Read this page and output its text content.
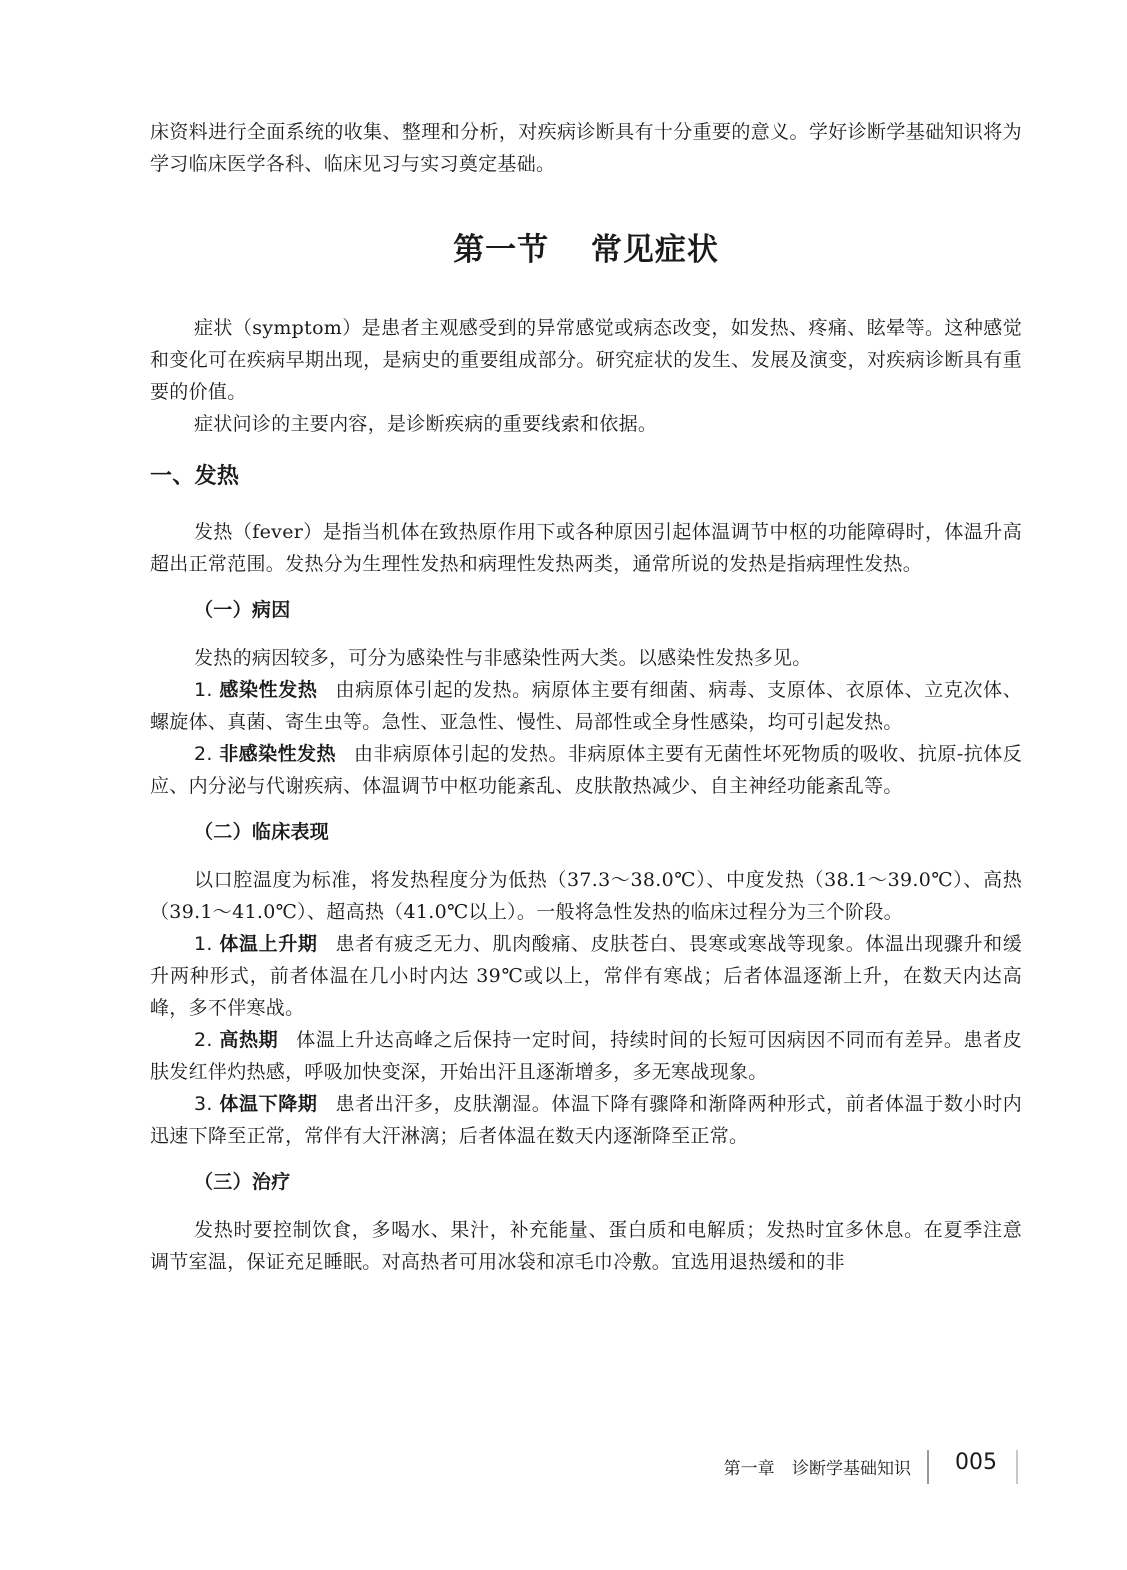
床资料进行全面系统的收集、整理和分析，对疾病诊断具有十分重要的意义。学好诊断学基础知识将为学习临床医学各科、临床见习与实习奠定基础。

第一节 常见症状

症状（symptom）是患者主观感受到的异常感觉或病态改变，如发热、疼痛、眩晕等。这种感觉和变化可在疾病早期出现，是病史的重要组成部分。研究症状的发生、发展及演变，对疾病诊断具有重要的价值。

症状问诊的主要内容，是诊断疾病的重要线索和依据。

一、发热

发热（fever）是指当机体在致热原作用下或各种原因引起体温调节中枢的功能障碍时，体温升高超出正常范围。发热分为生理性发热和病理性发热两类，通常所说的发热是指病理性发热。

（一）病因

发热的病因较多，可分为感染性与非感染性两大类。以感染性发热多见。

1. 感染性发热 由病原体引起的发热。病原体主要有细菌、病毒、支原体、衣原体、立克次体、螺旋体、真菌、寄生虫等。急性、亚急性、慢性、局部性或全身性感染，均可引起发热。

2. 非感染性发热 由非病原体引起的发热。非病原体主要有无菌性坏死物质的吸收、抗原-抗体反应、内分泌与代谢疾病、体温调节中枢功能紊乱、皮肤散热减少、自主神经功能紊乱等。

（二）临床表现

以口腔温度为标准，将发热程度分为低热（37.3～38.0℃）、中度发热（38.1～39.0℃）、高热（39.1～41.0℃）、超高热（41.0℃以上）。一般将急性发热的临床过程分为三个阶段。

1. 体温上升期 患者有疲乏无力、肌肉酸痛、皮肤苍白、畏寒或寒战等现象。体温出现骤升和缓升两种形式，前者体温在几小时内达 39℃或以上，常伴有寒战；后者体温逐渐上升，在数天内达高峰，多不伴寒战。

2. 高热期 体温上升达高峰之后保持一定时间，持续时间的长短可因病因不同而有差异。患者皮肤发红伴灼热感，呼吸加快变深，开始出汗且逐渐增多，多无寒战现象。

3. 体温下降期 患者出汗多，皮肤潮湿。体温下降有骤降和渐降两种形式，前者体温于数小时内迅速下降至正常，常伴有大汗淋漓；后者体温在数天内逐渐降至正常。

（三）治疗

发热时要控制饮食，多喝水、果汁，补充能量、蛋白质和电解质；发热时宜多休息。在夏季注意调节室温，保证充足睡眠。对高热者可用冰袋和凉毛巾冷敷。宜选用退热缓和的非

第一章 诊断学基础知识 005
